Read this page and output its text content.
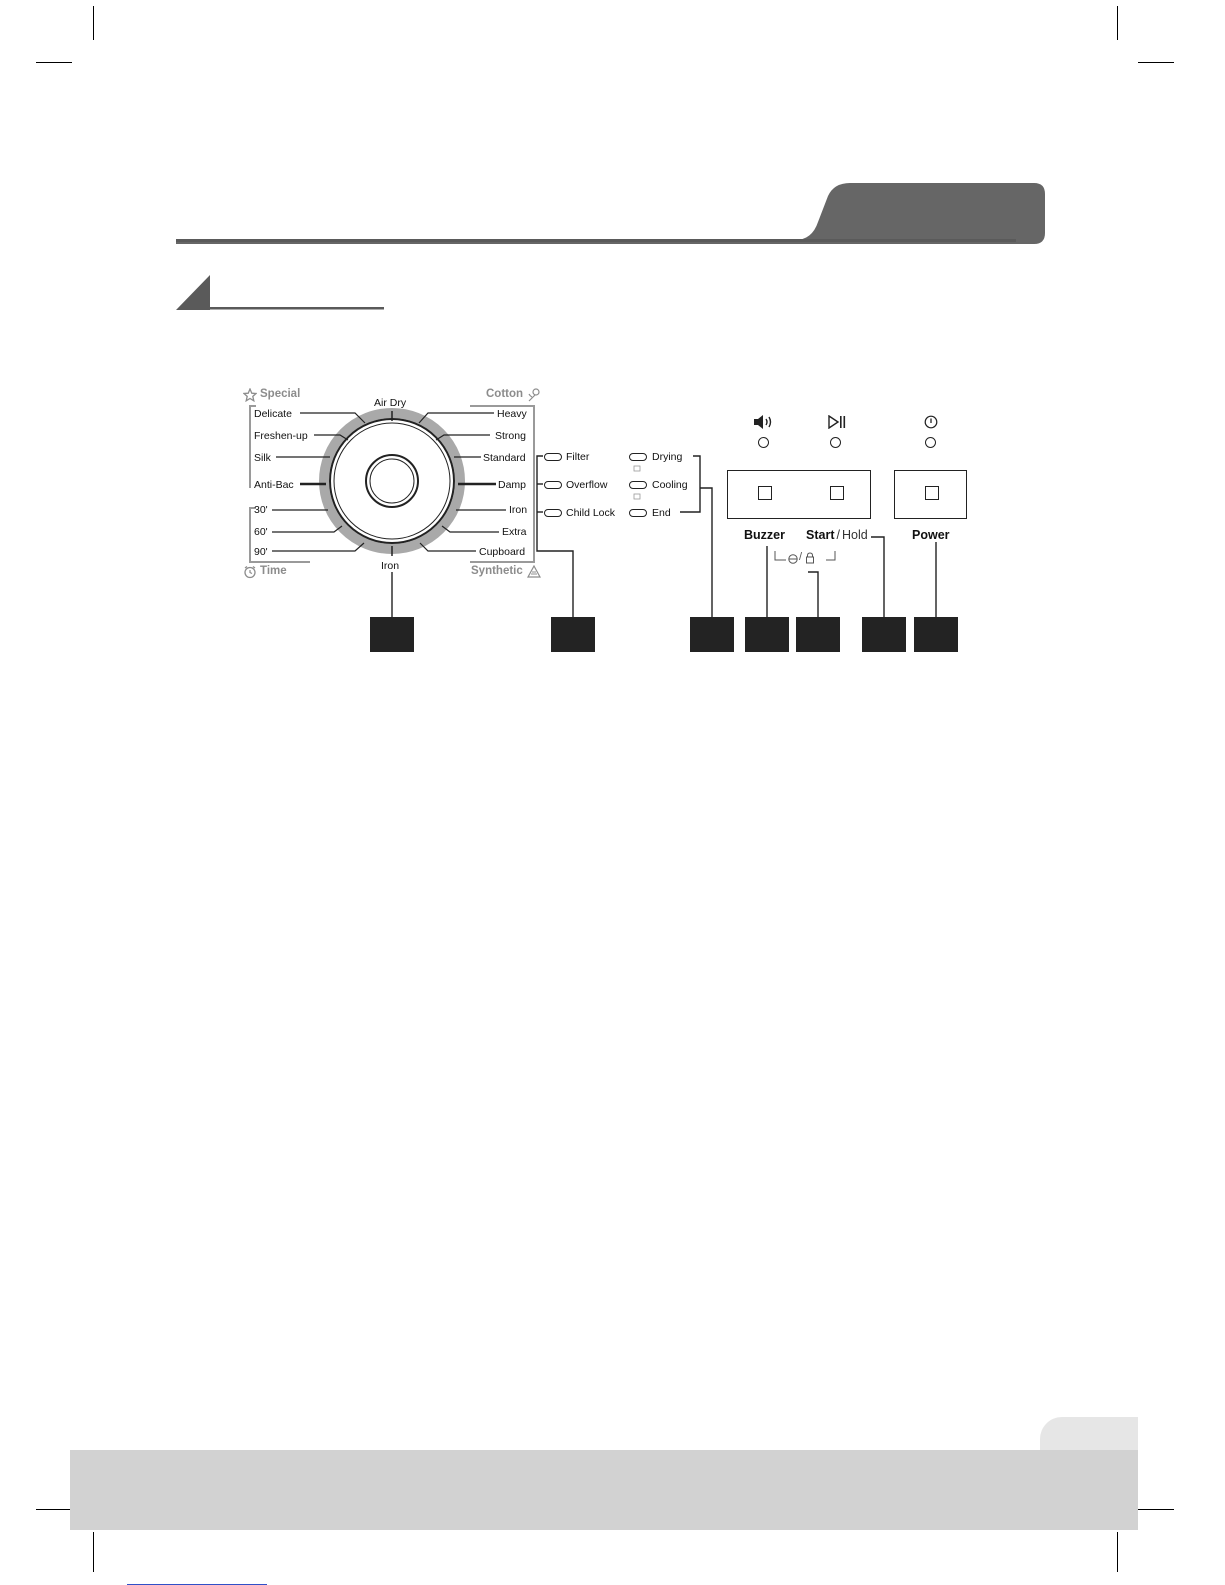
Special
Time
Cotton
Synthetic
Air Dry
Iron
Delicate
Freshen-up
Silk
Anti-Bac
30'
60'
90'
Heavy
Strong
Standard
Damp
Iron
Extra
Cupboard
Filter
Overflow
Child Lock
Drying
Cooling
End
Buzzer Start / Hold	Power
/
